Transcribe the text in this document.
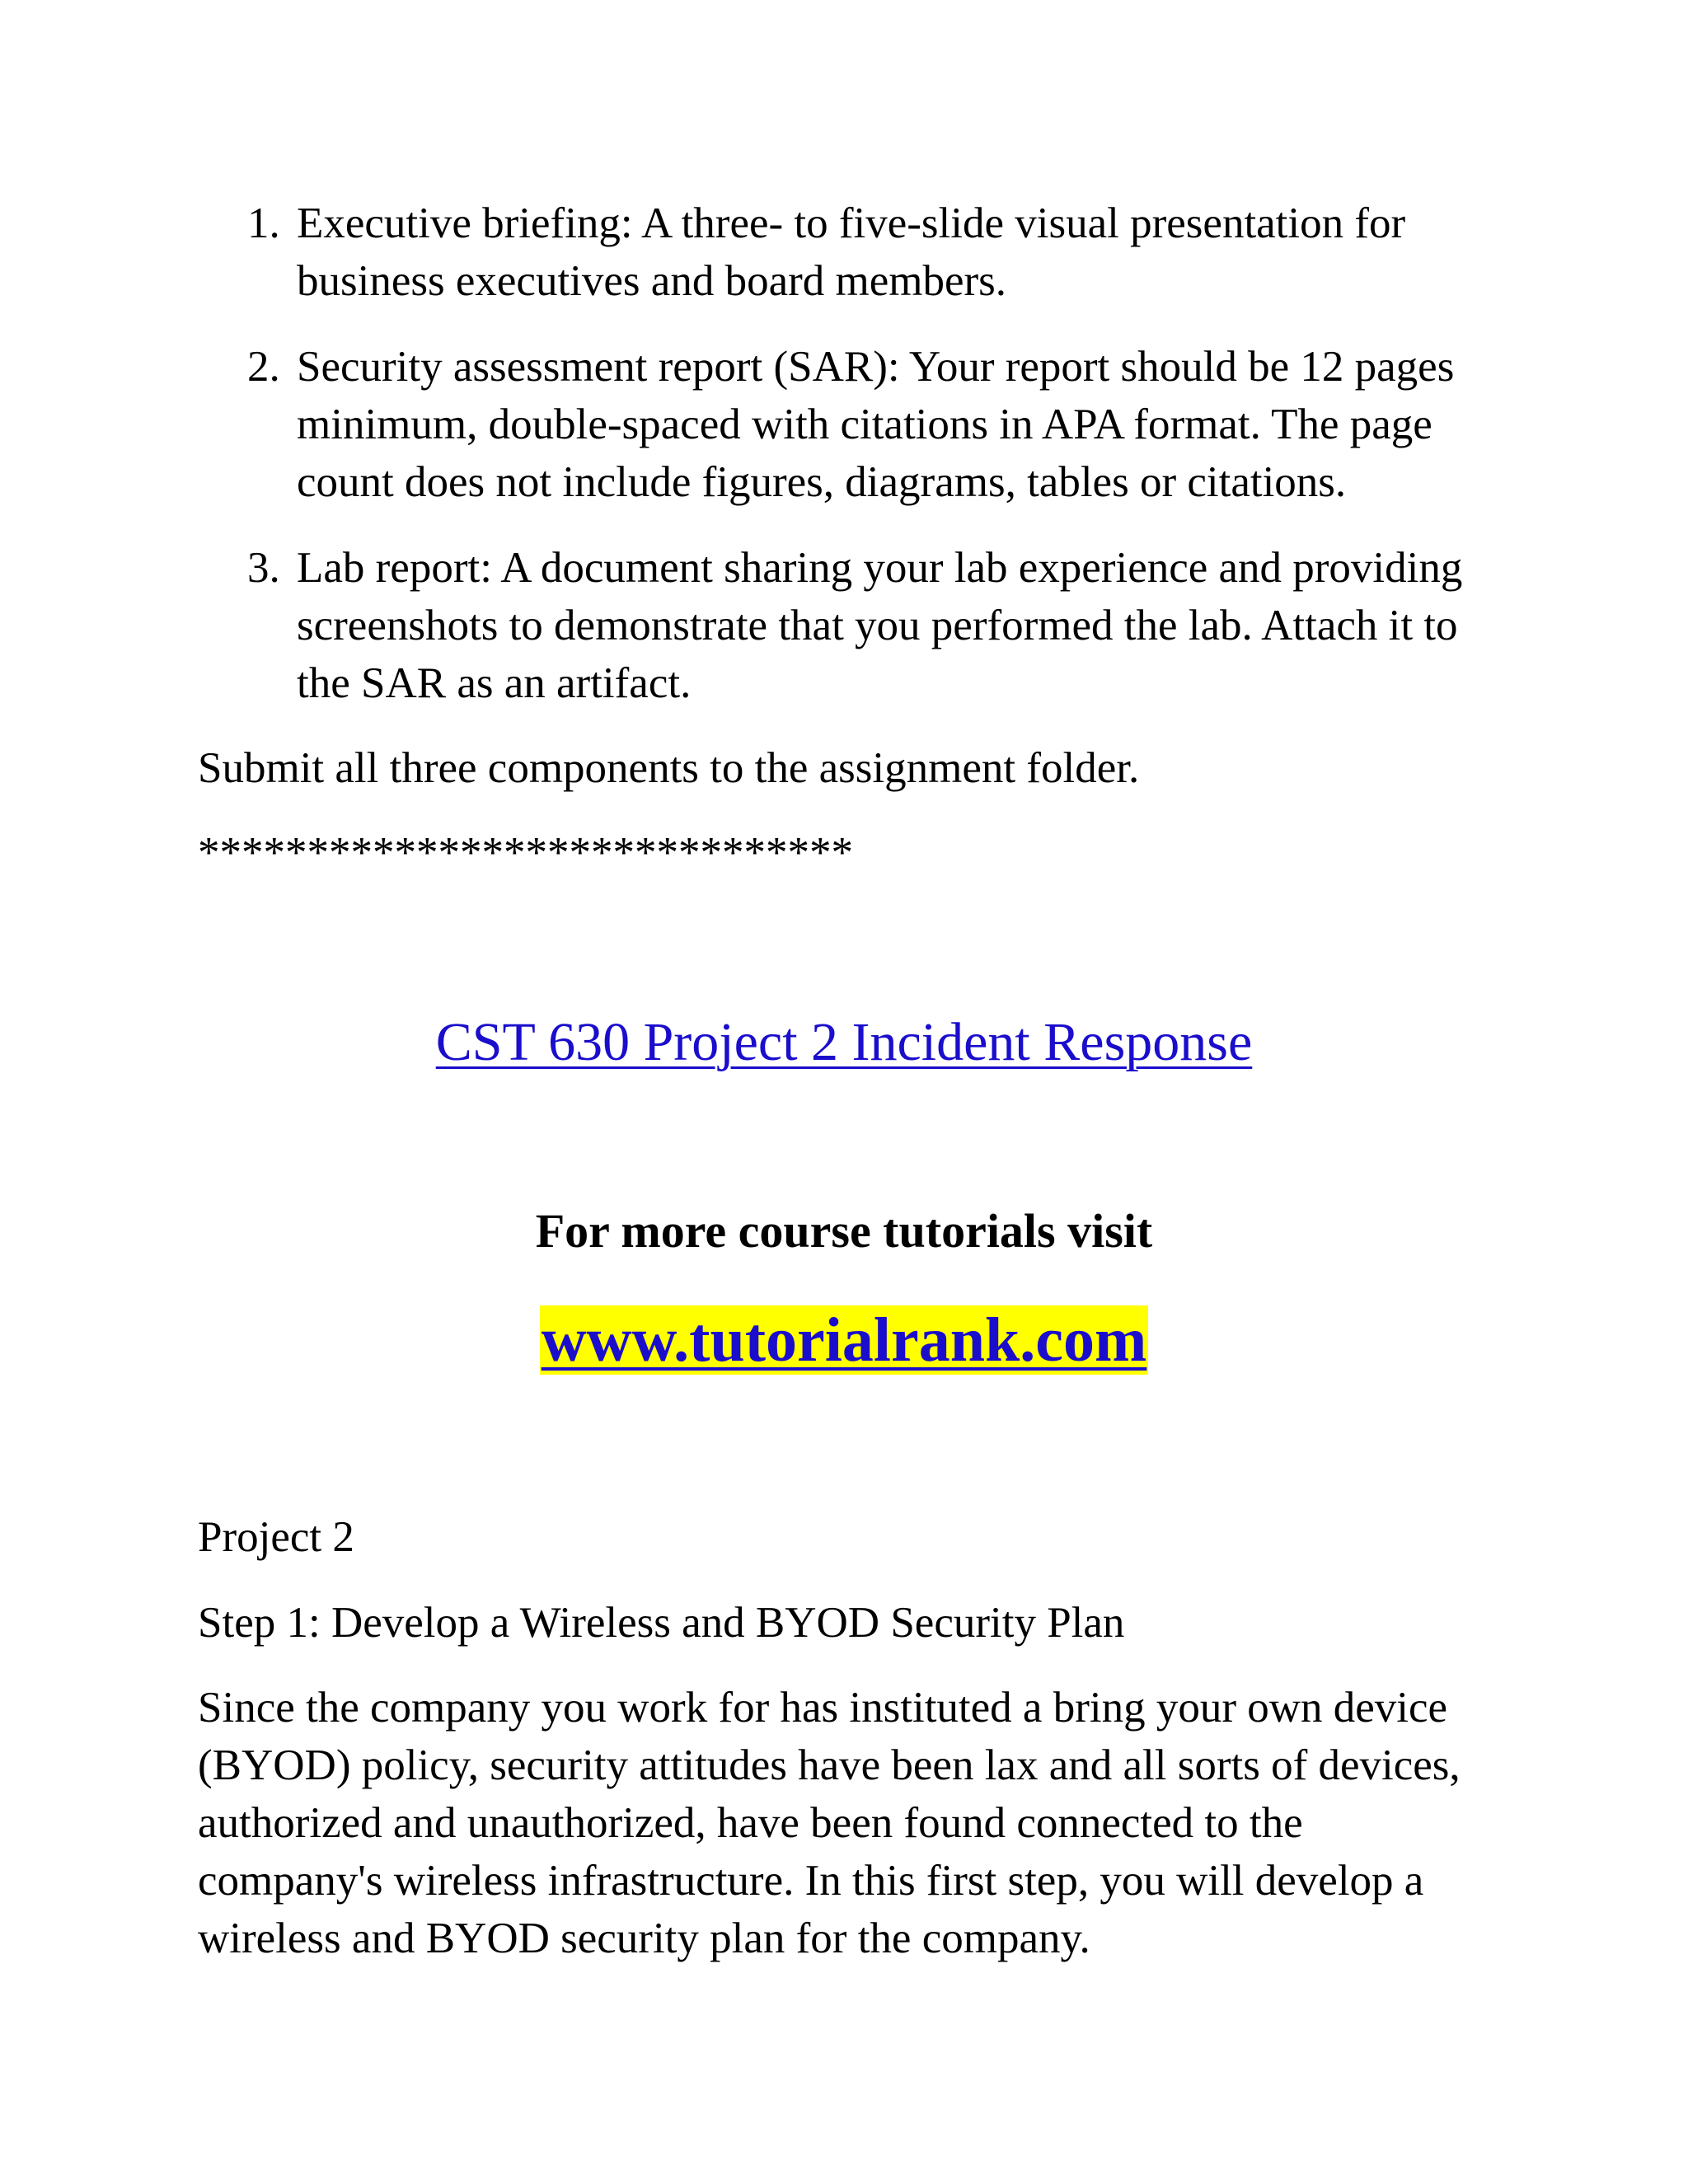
1. Executive briefing: A three- to five-slide visual presentation for
business executives and board members.
2. Security assessment report (SAR): Your report should be 12 pages
minimum, double-spaced with citations in APA format. The page
count does not include figures, diagrams, tables or citations.
3. Lab report: A document sharing your lab experience and providing
screenshots to demonstrate that you performed the lab. Attach it to
the SAR as an artifact.

Submit all three components to the assignment folder.

******************************

CST 630 Project 2 Incident Response

For more course tutorials visit

www.tutorialrank.com

Project 2

Step 1: Develop a Wireless and BYOD Security Plan

Since the company you work for has instituted a bring your own device
(BYOD) policy, security attitudes have been lax and all sorts of devices,
authorized and unauthorized, have been found connected to the
company's wireless infrastructure. In this first step, you will develop a
wireless and BYOD security plan for the company.
